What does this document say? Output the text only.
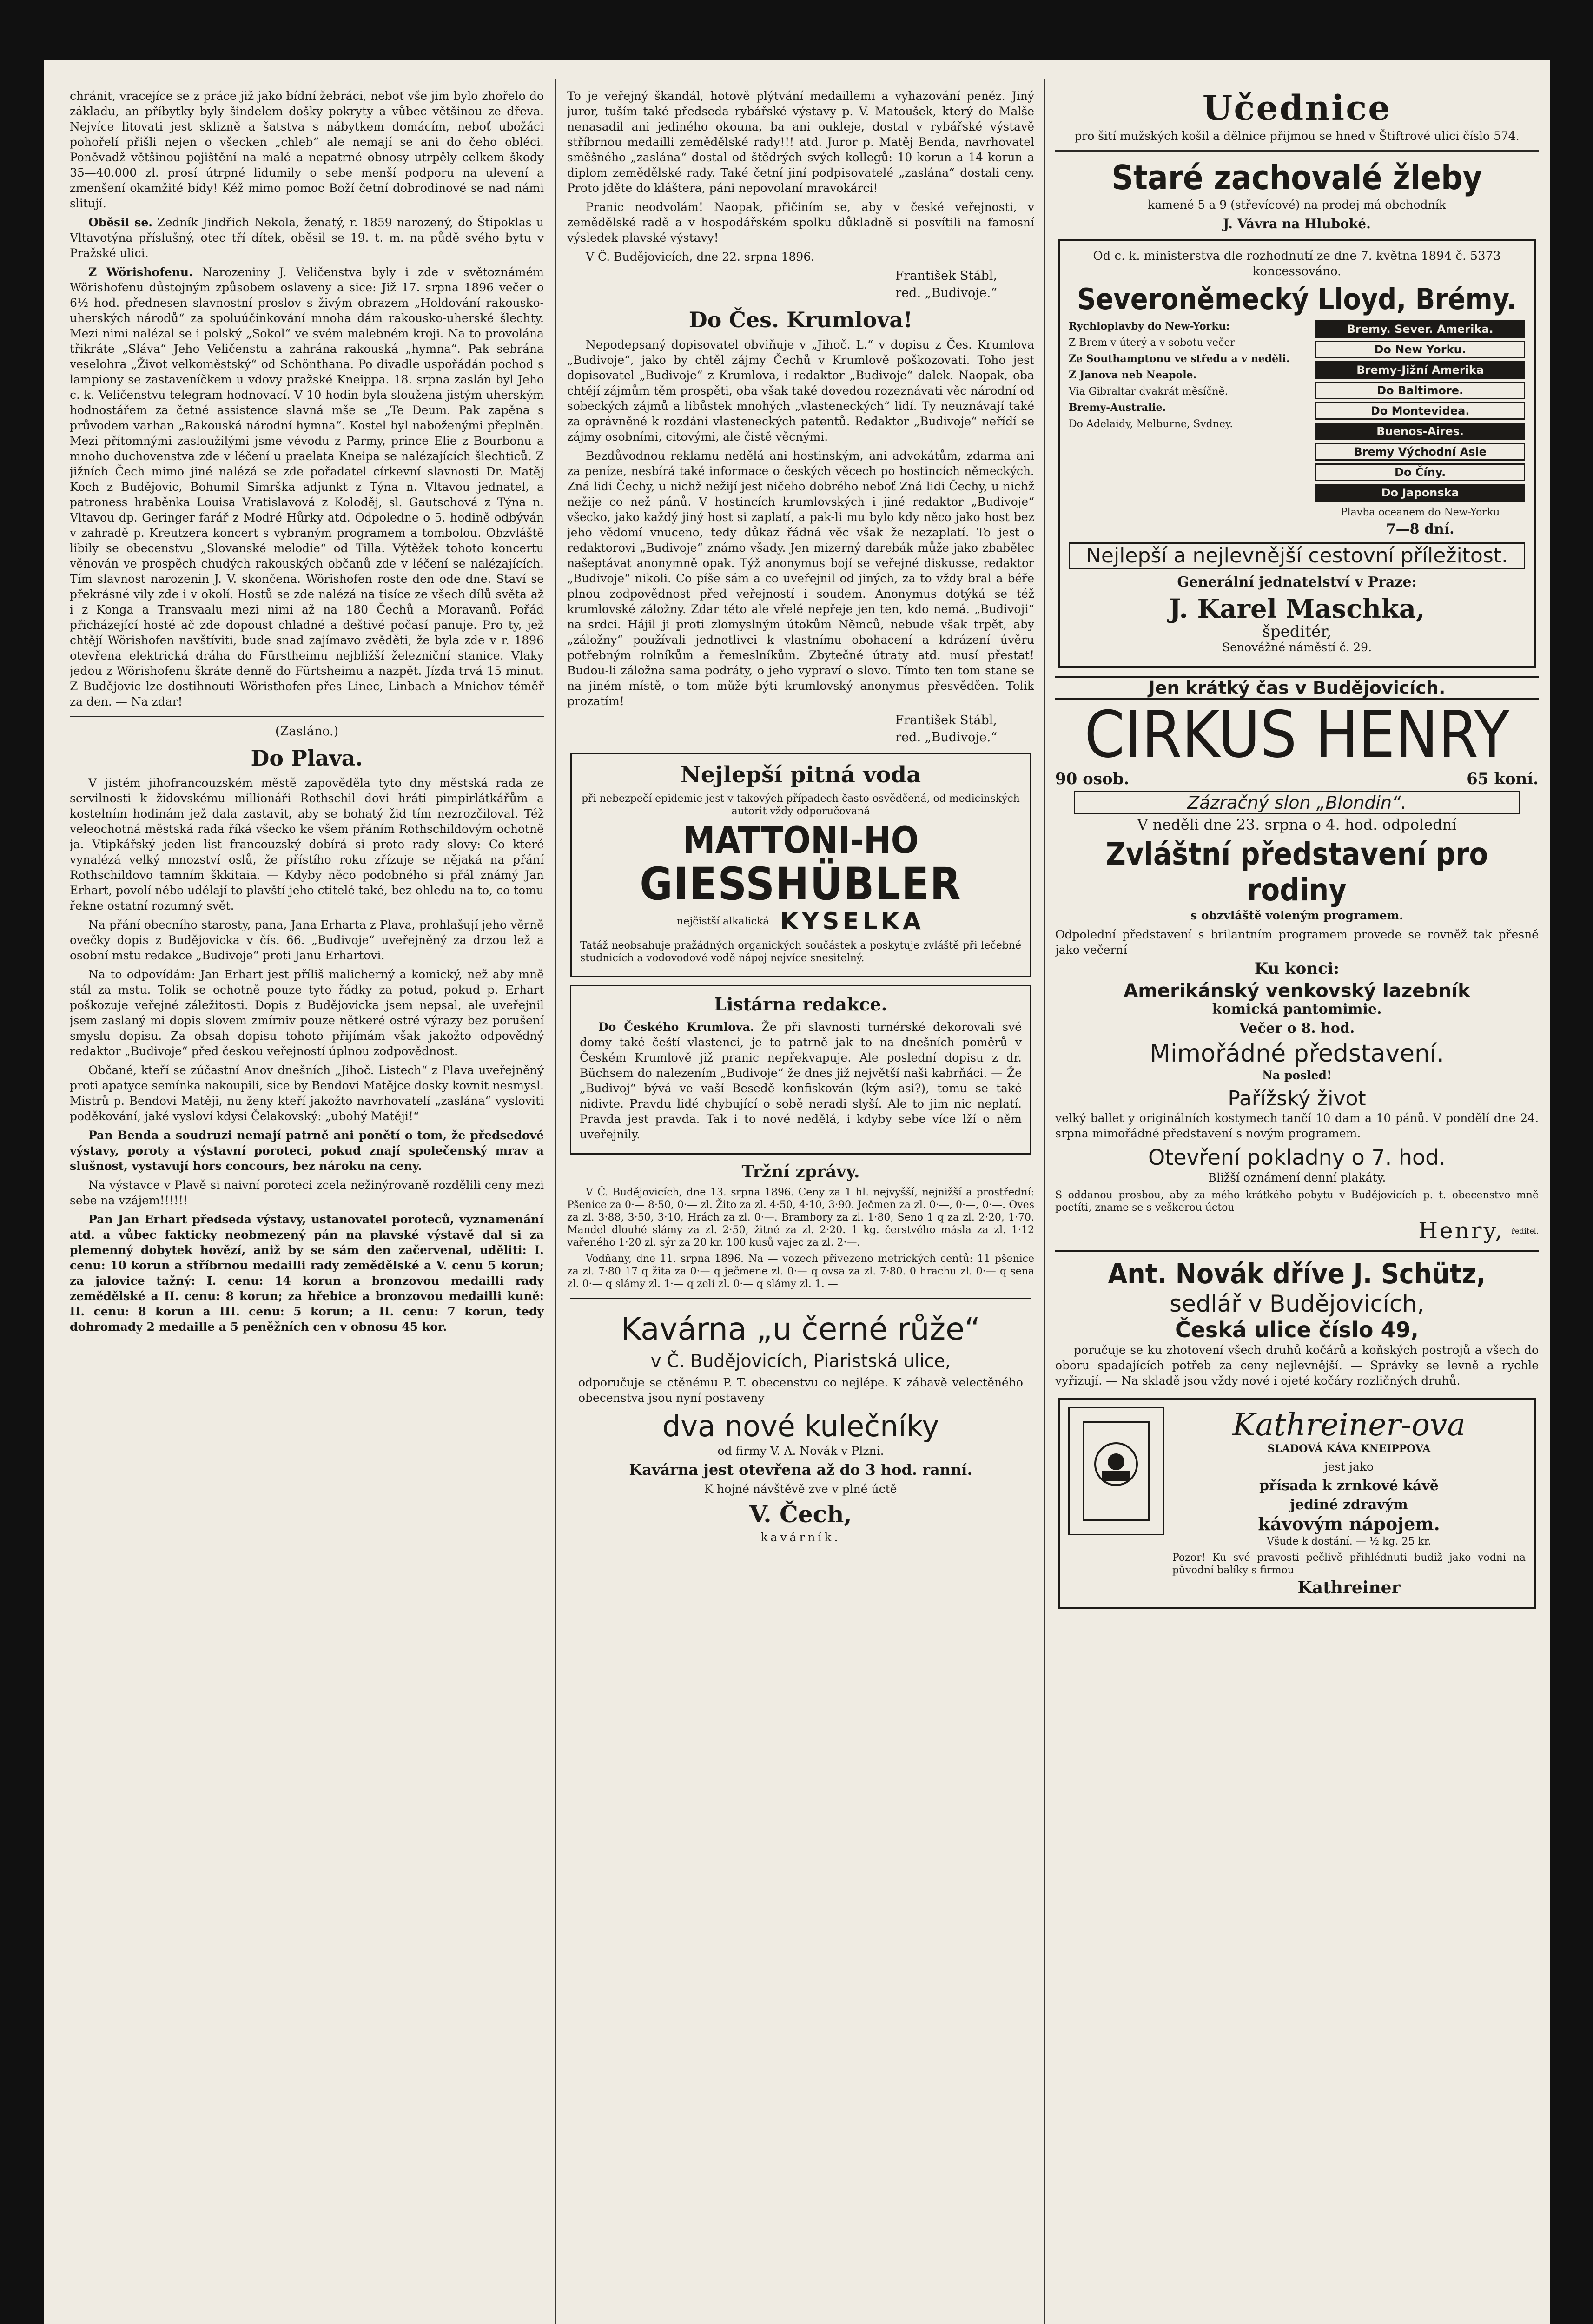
chránit, vracejíce se z práce již jako bídní žebráci, neboť vše jim bylo zhořelo do základu, an příbytky byly šindelem došky pokryty a vůbec většinou ze dřeva. Nejvíce litovati jest sklizně a šatstva s nábytkem domácím, neboť ubožáci pohořelí přišli nejen o všecken „chleb“ ale nemají se ani do čeho obléci. Poněvadž většinou pojištění na malé a nepatrné obnosy utrpěly celkem škody 35—40.000 zl. prosí útrpné lidumily o sebe menší podporu na ulevení a zmenšení okamžité bídy! Kéž mimo pomoc Boží četní dobrodinové se nad námi slitují.

Oběsil se. Zedník Jindřich Nekola, ženatý, r. 1859 narozený, do Štipoklas u Vltavotýna příslušný, otec tří dítek, oběsil se 19. t. m. na půdě svého bytu v Pražské ulici.

Z Wörishofenu. Narozeniny J. Veličenstva byly i zde v světoznámém Wörishofenu důstojným způsobem oslaveny a sice: Již 17. srpna 1896 večer o 6½ hod. přednesen slavnostní proslov s živým obrazem „Holdování rakousko-uherských národů“ za spoluúčinkování mnoha dám rakousko-uherské šlechty. Mezi nimi nalézal se i polský „Sokol“ ve svém malebném kroji. Na to provolána třikráte „Sláva“ Jeho Veličenstu a zahrána rakouská „hymna“. Pak sebrána veselohra „Život velkoměstský“ od Schönthana. Po divadle uspořádán pochod s lampiony se zastaveníčkem u vdovy pražské Kneippa. 18. srpna zaslán byl Jeho c. k. Veličenstvu telegram hodnovací. V 10 hodin byla sloužena jistým uherským hodnostářem za četné assistence slavná mše se „Te Deum. Pak zapěna s průvodem varhan „Rakouská národní hymna“. Kostel byl naboženými přeplněn. Mezi přítomnými zasloužilými jsme vévodu z Parmy, prince Elie z Bourbonu a mnoho duchovenstva zde v léčení u praelata Kneipa se nalézajících šlechticů. Z jižních Čech mimo jiné nalézá se zde pořadatel církevní slavnosti Dr. Matěj Koch z Budějovic, Bohumil Simrška adjunkt z Týna n. Vltavou jednatel, a patroness hraběnka Louisa Vratislavová z Koloděj, sl. Gautschová z Týna n. Vltavou dp. Geringer farář z Modré Hůrky atd. Odpoledne o 5. hodině odbýván v zahradě p. Kreutzera koncert s vybraným programem a tombolou. Obzvláště libily se obecenstvu „Slovanské melodie“ od Tilla. Výtěžek tohoto koncertu věnován ve prospěch chudých rakouských občanů zde v léčení se nalézajících. Tím slavnost narozenin J. V. skončena. Wörishofen roste den ode dne. Staví se překrásné vily zde i v okolí. Hostů se zde nalézá na tisíce ze všech dílů světa až i z Konga a Transvaalu mezi nimi až na 180 Čechů a Moravanů. Pořád přicházející hosté ač zde dopoust chladné a deštivé počasí panuje. Pro ty, jež chtějí Wörishofen navštíviti, bude snad zajímavo zvěděti, že byla zde v r. 1896 otevřena elektrická dráha do Fürstheimu nejbližší železniční stanice. Vlaky jedou z Wörishofenu škráte denně do Fürtsheimu a nazpět. Jízda trvá 15 minut. Z Budějovic lze dostihnouti Wöristhofen přes Linec, Linbach a Mnichov téměř za den. — Na zdar!

(Zasláno.)

Do Plava.

V jistém jihofrancouzském městě zapověděla tyto dny městská rada ze servilnosti k židovskému millionáři Rothschil dovi hráti pimpirlátkářům a kostelním hodinám jež dala zastavit, aby se bohatý žid tím nezrozčiloval. Též veleochotná městská rada říká všecko ke všem přáním Rothschildovým ochotně ja. Vtipkářský jeden list francouzský dobírá si proto rady slovy: Co které vynalézá velký mnozství oslů, že přístího roku zřízuje se nějaká na přání Rothschildovo tamním škkitaia. — Kdyby něco podobného si přál známý Jan Erhart, povolí něbo udělají to plavští jeho ctitelé také, bez ohledu na to, co tomu řekne ostatní rozumný svět.

Na přání obecního starosty, pana, Jana Erharta z Plava, prohlašují jeho věrně ovečky dopis z Budějovicka v čís. 66. „Budivoje“ uveřejněný za drzou lež a osobní mstu redakce „Budivoje“ proti Janu Erhartovi.

Na to odpovídám: Jan Erhart jest příliš malicherný a komický, než aby mně stál za mstu. Tolik se ochotně pouze tyto řádky za potud, pokud p. Erhart poškozuje veřejné záležitosti. Dopis z Budějovicka jsem nepsal, ale uveřejnil jsem zaslaný mi dopis slovem zmírniv pouze nětkeré ostré výrazy bez porušení smyslu dopisu. Za obsah dopisu tohoto přijímám však jakožto odpovědný redaktor „Budivoje“ před českou veřejností úplnou zodpovědnost.

Občané, kteří se zúčastní Anov dnešních „Jihoč. Listech“ z Plava uveřejněný proti apatyce semínka nakoupili, sice by Bendovi Matějce dosky kovnit nesmysl. Mistrů p. Bendovi Matěji, nu ženy kteří jakožto navrhovatelí „zaslána“ vysloviti poděkování, jaké vysloví kdysi Čelakovský: „ubohý Matěji!“

Pan Benda a soudruzi nemají patrně ani ponětí o tom, že předsedové výstavy, poroty a výstavní poroteci, pokud znají společenský mrav a slušnost, vystavují hors concours, bez nároku na ceny.

Na výstavce v Plavě si naivní poroteci zcela nežinýrovaně rozdělili ceny mezi sebe na vzájem!!!!!!

Pan Jan Erhart předseda výstavy, ustanovatel poroteců, vyznamenání atd. a vůbec fakticky neobmezený pán na plavské výstavě dal si za plemenný dobytek hovězí, aniž by se sám den začervenal, uděliti: I. cenu: 10 korun a stříbrnou medailli rady zemědělské a V. cenu 5 korun; za jalovice tažný: I. cenu: 14 korun a bronzovou medailli rady zemědělské a II. cenu: 8 korun; za hřebice a bronzovou medailli kuně: II. cenu: 8 korun a III. cenu: 5 korun; a II. cenu: 7 korun, tedy dohromady 2 medaille a 5 peněžních cen v obnosu 45 kor.

To je veřejný škandál, hotově plýtvání medaillemi a vyhazování peněz. Jiný juror, tuším také předseda rybářské výstavy p. V. Matoušek, který do Malše nenasadil ani jediného okouna, ba ani oukleje, dostal v rybářské výstavě stříbrnou medailli zemědělské rady!!! atd. Juror p. Matěj Benda, navrhovatel směšného „zaslána“ dostal od štědrých svých kollegů: 10 korun a 14 korun a diplom zemědělské rady. Také četní jiní podpisovatelé „zaslána“ dostali ceny. Proto jděte do kláštera, páni nepovolaní mravokárci!

Pranic neodvolám! Naopak, přičiním se, aby v české veřejnosti, v zemědělské radě a v hospodářském spolku důkladně si posvítili na famosní výsledek plavské výstavy!

V Č. Budějovicích, dne 22. srpna 1896.

František Stábl,

red. „Budivoje.“

Do Čes. Krumlova!

Nepodepsaný dopisovatel obviňuje v „Jihoč. L.“ v dopisu z Čes. Krumlova „Budivoje“, jako by chtěl zájmy Čechů v Krumlově poškozovati. Toho jest dopisovatel „Budivoje“ z Krumlova, i redaktor „Budivoje“ dalek. Naopak, oba chtějí zájmům těm prospěti, oba však také dovedou rozeznávati věc národní od sobeckých zájmů a libůstek mnohých „vlasteneckých“ lidí. Ty neuznávají také za oprávněné k rozdání vlasteneckých patentů. Redaktor „Budivoje“ neřídí se zájmy osobními, citovými, ale čistě věcnými.

Bezdůvodnou reklamu nedělá ani hostinským, ani advokátům, zdarma ani za peníze, nesbírá také informace o českých věcech po hostincích německých. Zná lidi Čechy, u nichž nežijí jest ničeho dobrého neboť Zná lidi Čechy, u nichž nežije co než pánů. V hostincích krumlovských i jiné redaktor „Budivoje“ všecko, jako každý jiný host si zaplatí, a pak-li mu bylo kdy něco jako host bez jeho vědomí vnuceno, tedy důkaz řádná věc však že nezaplatí. To jest o redaktorovi „Budivoje“ známo všady. Jen mizerný darebák může jako zbabělec našeptávat anonymně opak. Týž anonymus bojí se veřejné diskusse, redaktor „Budivoje“ nikoli. Co píše sám a co uveřejnil od jiných, za to vždy bral a béře plnou zodpovědnost před veřejností i soudem. Anonymus dotýká se též krumlovské záložny. Zdar této ale vřelé nepřeje jen ten, kdo nemá. „Budivoji“ na srdci. Hájil ji proti zlomyslným útokům Němců, nebude však trpět, aby „záložny“ používali jednotlivci k vlastnímu obohacení a kdrázení úvěru potřebným rolníkům a řemeslníkům. Zbytečné útraty atd. musí přestat! Budou-li záložna sama podráty, o jeho vypraví o slovo. Tímto ten tom stane se na jiném místě, o tom může býti krumlovský anonymus přesvědčen. Tolik prozatím!

František Stábl,

red. „Budivoje.“

Nejlepší pitná voda

při nebezpečí epidemie jest v takových případech často osvědčená, od medicinských autorit vždy odporučovaná

MATTONI-HO
GIESSHÜBLER
nejčistší alkalická KYSELKA

Tatáž neobsahuje pražádných organických součástek a poskytuje zvláště při lečebné studnicích a vodovodové vodě nápoj nejvíce snesitelný.

Listárna redakce.

Do Českého Krumlova. Že při slavnosti turnérské dekorovali své domy také čeští vlastenci, je to patrně jak to na dnešních poměrů v Českém Krumlově již pranic nepřekvapuje. Ale poslední dopisu z dr. Büchsem do nalezením „Budivoje“ že dnes již největší naši kabrňáci. — Že „Budivoj“ bývá ve vaší Besedě konfiskován (kým asi?), tomu se také nidivte. Pravdu lidé chybující o sobě neradi slyší. Ale to jim nic neplatí. Pravda jest pravda. Tak i to nové nedělá, i kdyby sebe více lží o něm uveřejnily.

Tržní zprávy.

V Č. Budějovicích, dne 13. srpna 1896. Ceny za 1 hl. nejvyšší, nejnižší a prostřední: Pšenice za 0·— 8·50, 0·— zl. Žito za zl. 4·50, 4·10, 3·90. Ječmen za zl. 0·—, 0·—, 0·—. Oves za zl. 3·88, 3·50, 3·10, Hrách za zl. 0·—. Brambory za zl. 1·80, Seno 1 q za zl. 2·20, 1·70. Mandel dlouhé slámy za zl. 2·50, žitné za zl. 2·20. 1 kg. čerstvého másla za zl. 1·12 vařeného 1·20 zl. sýr za 20 kr. 100 kusů vajec za zl. 2·—.

Vodňany, dne 11. srpna 1896. Na — vozech přivezeno metrických centů: 11 pšenice za zl. 7·80 17 q žita za 0·— q ječmene zl. 0·— q ovsa za zl. 7·80. 0 hrachu zl. 0·— q sena zl. 0·— q slámy zl. 1·— q zelí zl. 0·— q slámy zl. 1. —

Kavárna „u černé růže“
v Č. Budějovicích, Piaristská ulice,

odporučuje se ctěnému P. T. obecenstvu co nejlépe. K zábavě velectěného obecenstva jsou nyní postaveny

dva nové kulečníky

od firmy V. A. Novák v Plzni.

Kavárna jest otevřena až do 3 hod. ranní.

K hojné návštěvě zve v plné úctě

V. Čech,

kavárník.

Učednice

pro šití mužských košil a dělnice přijmou se hned v Štiftrové ulici číslo 574.

Staré zachovalé žleby

kamené 5 a 9 (střevícové) na prodej má obchodník

J. Vávra na Hluboké.

Od c. k. ministerstva dle rozhodnutí ze dne 7. května 1894 č. 5373 koncessováno.

Severoněmecký Lloyd, Brémy.

Rychloplavby do New-Yorku:

Z Brem v úterý a v sobotu večer

Ze Southamptonu ve středu a v neděli.

Z Janova neb Neapole.

Via Gibraltar dvakrát měsíčně.

Bremy-Australie.

Do Adelaidy, Melburne, Sydney.

Bremy. Sever. Amerika.
Do New Yorku.
Bremy-Jižní Amerika
Do Baltimore.
Do Montevidea.
Buenos-Aires.
Bremy Východní Asie
Do Číny.
Do Japonska

Plavba oceanem do New-Yorku

7—8 dní.

Nejlepší a nejlevnější cestovní příležitost.

Generální jednatelství v Praze:

J. Karel Maschka,

špeditér,

Senovážné náměstí č. 29.

Jen krátký čas v Budějovicích.
CIRKUS HENRY
90 osob.	65 koní.
Zázračný slon „Blondin“.

V neděli dne 23. srpna o 4. hod. odpolední

Zvláštní představení pro rodiny

s obzvláště voleným programem.

Odpolední představení s brilantním programem provede se rovněž tak přesně jako večerní

Ku konci:

Amerikánský venkovský lazebník

komická pantomimie.

Večer o 8. hod.

Mimořádné představení.

Na posled!

Pařížský život

velký ballet y originálních kostymech tančí 10 dam a 10 pánů. V pondělí dne 24. srpna mimořádné představení s novým programem.

Otevření pokladny o 7. hod.

Bližší oznámení denní plakáty.

S oddanou prosbou, aby za mého krátkého pobytu v Budějovicích p. t. obecenstvo mně poctíti, zname se s veškerou úctou

Henry, ředitel.
Ant. Novák dříve J. Schütz,
sedlář v Budějovicích,
Česká ulice číslo 49,

poručuje se ku zhotovení všech druhů kočárů a koňských postrojů a všech do oboru spadajících potřeb za ceny nejlevnější. — Správky se levně a rychle vyřizují. — Na skladě jsou vždy nové i ojeté kočáry rozličných druhů.

Kathreiner-ova

SLADOVÁ KÁVA KNEIPPOVA

jest jako

přísada k zrnkové kávě

jediné zdravým

kávovým nápojem.

Všude k dostání. — ½ kg. 25 kr.

Pozor! Ku své pravosti pečlivě přihlédnuti budiž jako vodni na původní balíky s firmou

Kathreiner
